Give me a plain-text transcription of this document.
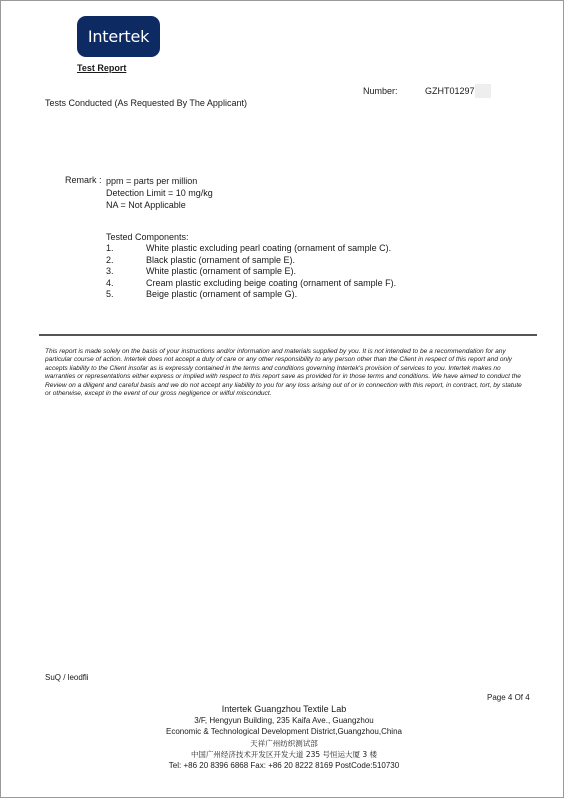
Intertek
Test Report
Number:	GZHT01297
Tests Conducted (As Requested By The Applicant)
Remark : ppm = parts per million
Detection Limit = 10 mg/kg
NA = Not Applicable
Tested Components:
1.	White plastic excluding pearl coating (ornament of sample C).
2.	Black plastic (ornament of sample E).
3.	White plastic (ornament of sample E).
4.	Cream plastic excluding beige coating (ornament of sample F).
5.	Beige plastic (ornament of sample G).

This report is made solely on the basis of your instructions and/or information and materials supplied by you. It is not intended to be a recommendation for any particular course of action. Intertek does not accept a duty of care or any other responsibility to any person other than the Client in respect of this report and only accepts liability to the Client insofar as is expressly contained in the terms and conditions governing Intertek's provision of services to you. Intertek makes no warranties or representations either express or implied with respect to this report save as provided for in those terms and conditions. We have aimed to conduct the Review on a diligent and careful basis and we do not accept any liability to you for any loss arising out of or in connection with this report, in contract, tort, by statute or otherwise, except in the event of our gross negligence or wilful misconduct.

SuQ / leodfli
Page 4 Of 4
Intertek Guangzhou Textile Lab
3/F, Hengyun Building, 235 Kaifa Ave., Guangzhou
Economic & Technological Development District,Guangzhou,China
天祥广州纺织测试部
中国广州经济技术开发区开发大道 235 号恒运大厦 3 楼
Tel: +86 20 8396 6868 Fax: +86 20 8222 8169 PostCode:510730
